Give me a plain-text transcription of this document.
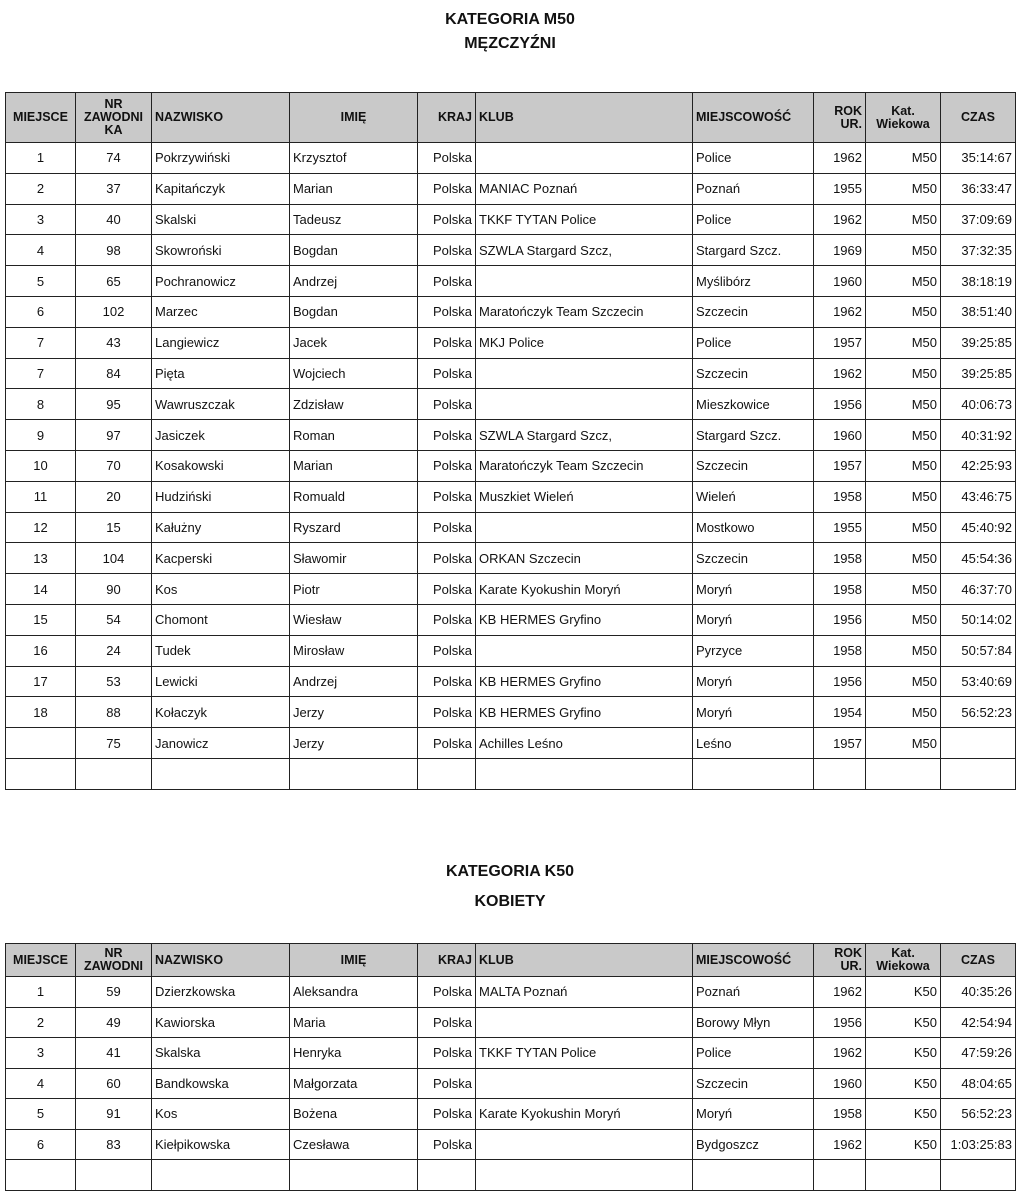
KATEGORIA M50
MĘZCZYŹNI
MIEJSCE	NR ZAWODNI KA	NAZWISKO	IMIĘ	KRAJ	KLUB	MIEJSCOWOŚĆ	ROK UR.	Kat. Wiekowa	CZAS
1	74	Pokrzywiński	Krzysztof	Polska		Police	1962	M50	35:14:67
2	37	Kapitańczyk	Marian	Polska	MANIAC Poznań	Poznań	1955	M50	36:33:47
3	40	Skalski	Tadeusz	Polska	TKKF TYTAN Police	Police	1962	M50	37:09:69
4	98	Skowroński	Bogdan	Polska	SZWLA Stargard Szcz,	Stargard Szcz.	1969	M50	37:32:35
5	65	Pochranowicz	Andrzej	Polska		Myślibórz	1960	M50	38:18:19
6	102	Marzec	Bogdan	Polska	Maratończyk Team Szczecin	Szczecin	1962	M50	38:51:40
7	43	Langiewicz	Jacek	Polska	MKJ Police	Police	1957	M50	39:25:85
7	84	Pięta	Wojciech	Polska		Szczecin	1962	M50	39:25:85
8	95	Wawruszczak	Zdzisław	Polska		Mieszkowice	1956	M50	40:06:73
9	97	Jasiczek	Roman	Polska	SZWLA Stargard Szcz,	Stargard Szcz.	1960	M50	40:31:92
10	70	Kosakowski	Marian	Polska	Maratończyk Team Szczecin	Szczecin	1957	M50	42:25:93
11	20	Hudziński	Romuald	Polska	Muszkiet Wieleń	Wieleń	1958	M50	43:46:75
12	15	Kałużny	Ryszard	Polska		Mostkowo	1955	M50	45:40:92
13	104	Kacperski	Sławomir	Polska	ORKAN Szczecin	Szczecin	1958	M50	45:54:36
14	90	Kos	Piotr	Polska	Karate Kyokushin Moryń	Moryń	1958	M50	46:37:70
15	54	Chomont	Wiesław	Polska	KB HERMES Gryfino	Moryń	1956	M50	50:14:02
16	24	Tudek	Mirosław	Polska		Pyrzyce	1958	M50	50:57:84
17	53	Lewicki	Andrzej	Polska	KB HERMES Gryfino	Moryń	1956	M50	53:40:69
18	88	Kołaczyk	Jerzy	Polska	KB HERMES Gryfino	Moryń	1954	M50	56:52:23
	75	Janowicz	Jerzy	Polska	Achilles Leśno	Leśno	1957	M50	

KATEGORIA K50
KOBIETY
MIEJSCE	NR ZAWODNI	NAZWISKO	IMIĘ	KRAJ	KLUB	MIEJSCOWOŚĆ	ROK UR.	Kat. Wiekowa	CZAS
1	59	Dzierzkowska	Aleksandra	Polska	MALTA Poznań	Poznań	1962	K50	40:35:26
2	49	Kawiorska	Maria	Polska		Borowy Młyn	1956	K50	42:54:94
3	41	Skalska	Henryka	Polska	TKKF TYTAN Police	Police	1962	K50	47:59:26
4	60	Bandkowska	Małgorzata	Polska		Szczecin	1960	K50	48:04:65
5	91	Kos	Bożena	Polska	Karate Kyokushin Moryń	Moryń	1958	K50	56:52:23
6	83	Kiełpikowska	Czesława	Polska		Bydgoszcz	1962	K50	1:03:25:83
